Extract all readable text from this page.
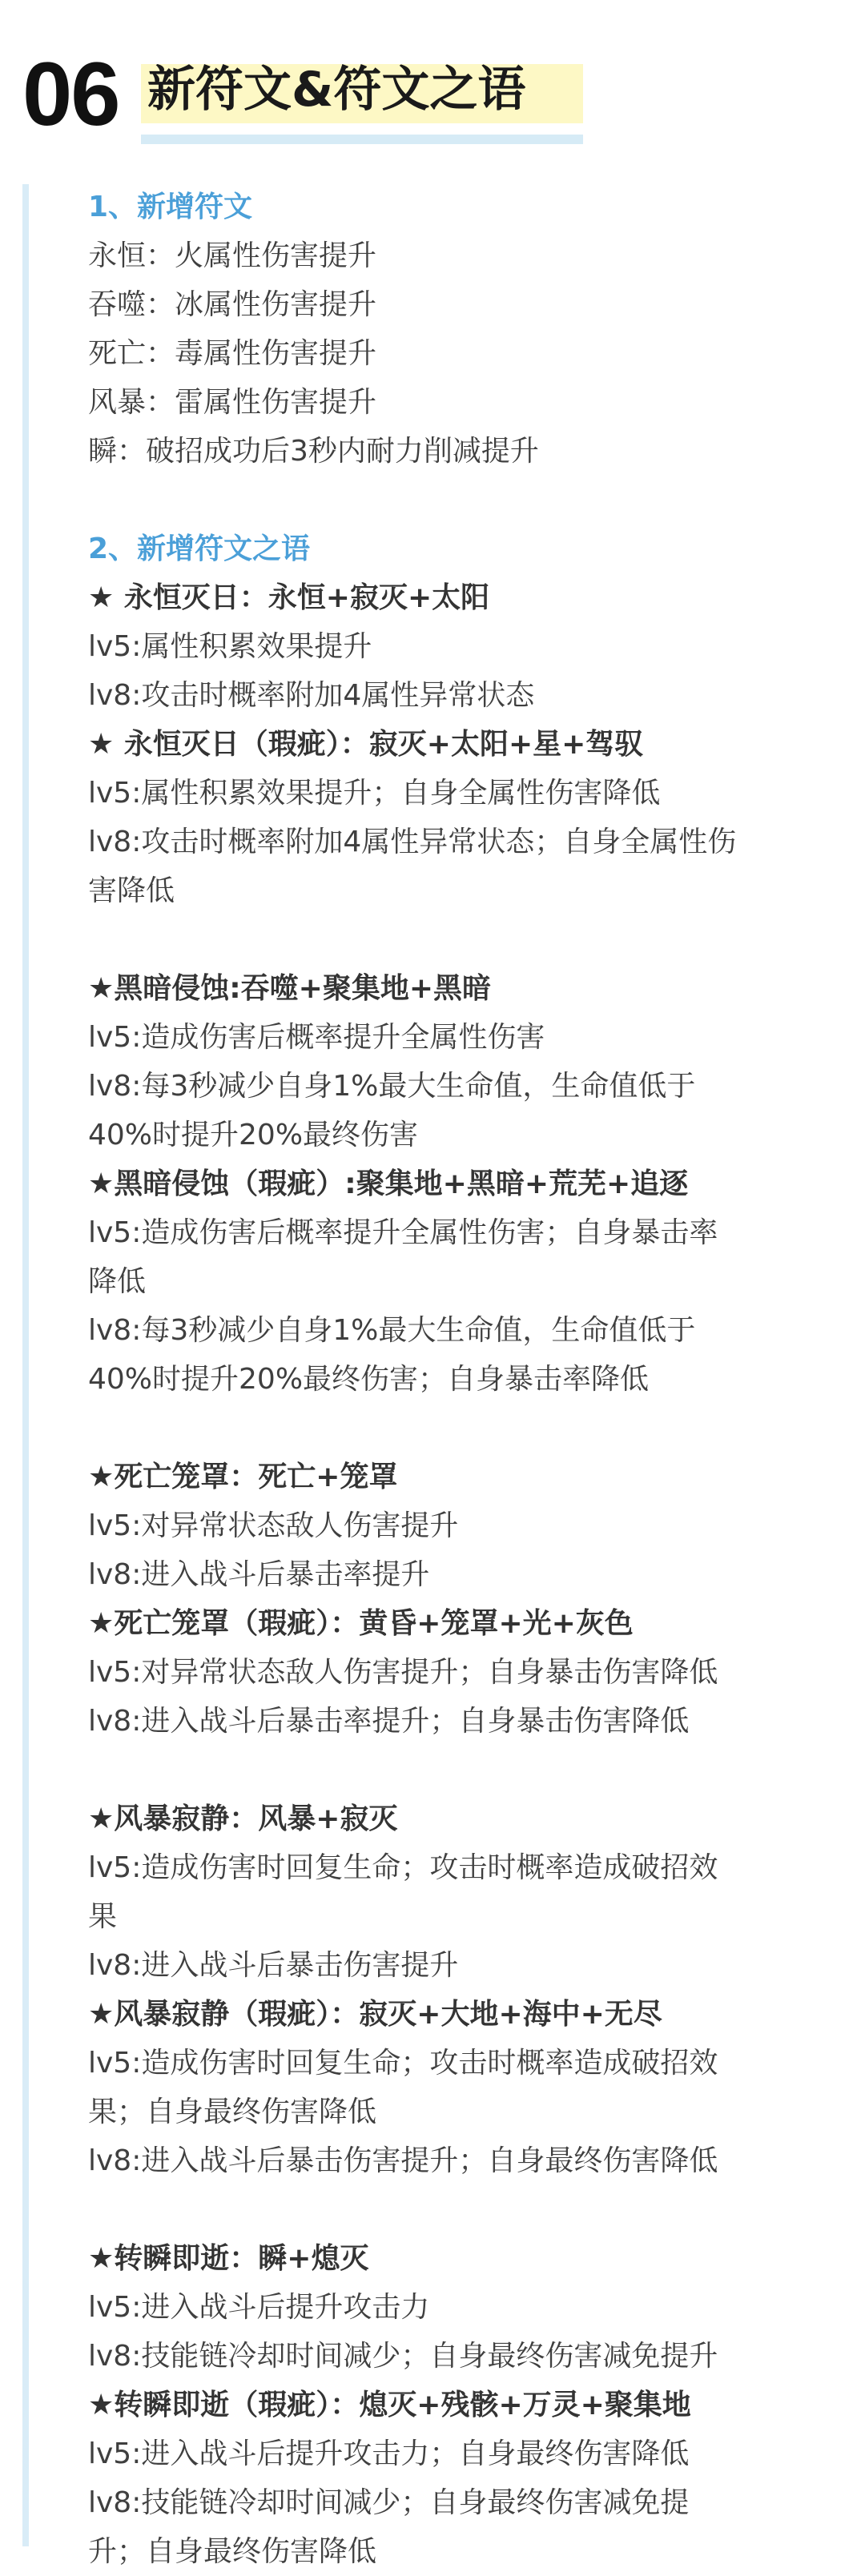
06 新符文&符文之语
1、新增符文
永恒：火属性伤害提升
吞噬：冰属性伤害提升
死亡：毒属性伤害提升
风暴：雷属性伤害提升
瞬：破招成功后3秒内耐力削减提升
2、新增符文之语
★ 永恒灭日：永恒+寂灭+太阳
lv5:属性积累效果提升
lv8:攻击时概率附加4属性异常状态
★ 永恒灭日（瑕疵）：寂灭+太阳+星+驾驭
lv5:属性积累效果提升；自身全属性伤害降低
lv8:攻击时概率附加4属性异常状态；自身全属性伤
害降低
★黑暗侵蚀:吞噬+聚集地+黑暗
lv5:造成伤害后概率提升全属性伤害
lv8:每3秒减少自身1%最大生命值，生命值低于
40%时提升20%最终伤害
★黑暗侵蚀（瑕疵）:聚集地+黑暗+荒芜+追逐
lv5:造成伤害后概率提升全属性伤害；自身暴击率
降低
lv8:每3秒减少自身1%最大生命值，生命值低于
40%时提升20%最终伤害；自身暴击率降低
★死亡笼罩：死亡+笼罩
lv5:对异常状态敌人伤害提升
lv8:进入战斗后暴击率提升
★死亡笼罩（瑕疵）：黄昏+笼罩+光+灰色
lv5:对异常状态敌人伤害提升；自身暴击伤害降低
lv8:进入战斗后暴击率提升；自身暴击伤害降低
★风暴寂静：风暴+寂灭
lv5:造成伤害时回复生命；攻击时概率造成破招效
果
lv8:进入战斗后暴击伤害提升
★风暴寂静（瑕疵）：寂灭+大地+海中+无尽
lv5:造成伤害时回复生命；攻击时概率造成破招效
果；自身最终伤害降低
lv8:进入战斗后暴击伤害提升；自身最终伤害降低
★转瞬即逝：瞬+熄灭
lv5:进入战斗后提升攻击力
lv8:技能链冷却时间减少；自身最终伤害减免提升
★转瞬即逝（瑕疵）：熄灭+残骸+万灵+聚集地
lv5:进入战斗后提升攻击力；自身最终伤害降低
lv8:技能链冷却时间减少；自身最终伤害减免提
升；自身最终伤害降低
